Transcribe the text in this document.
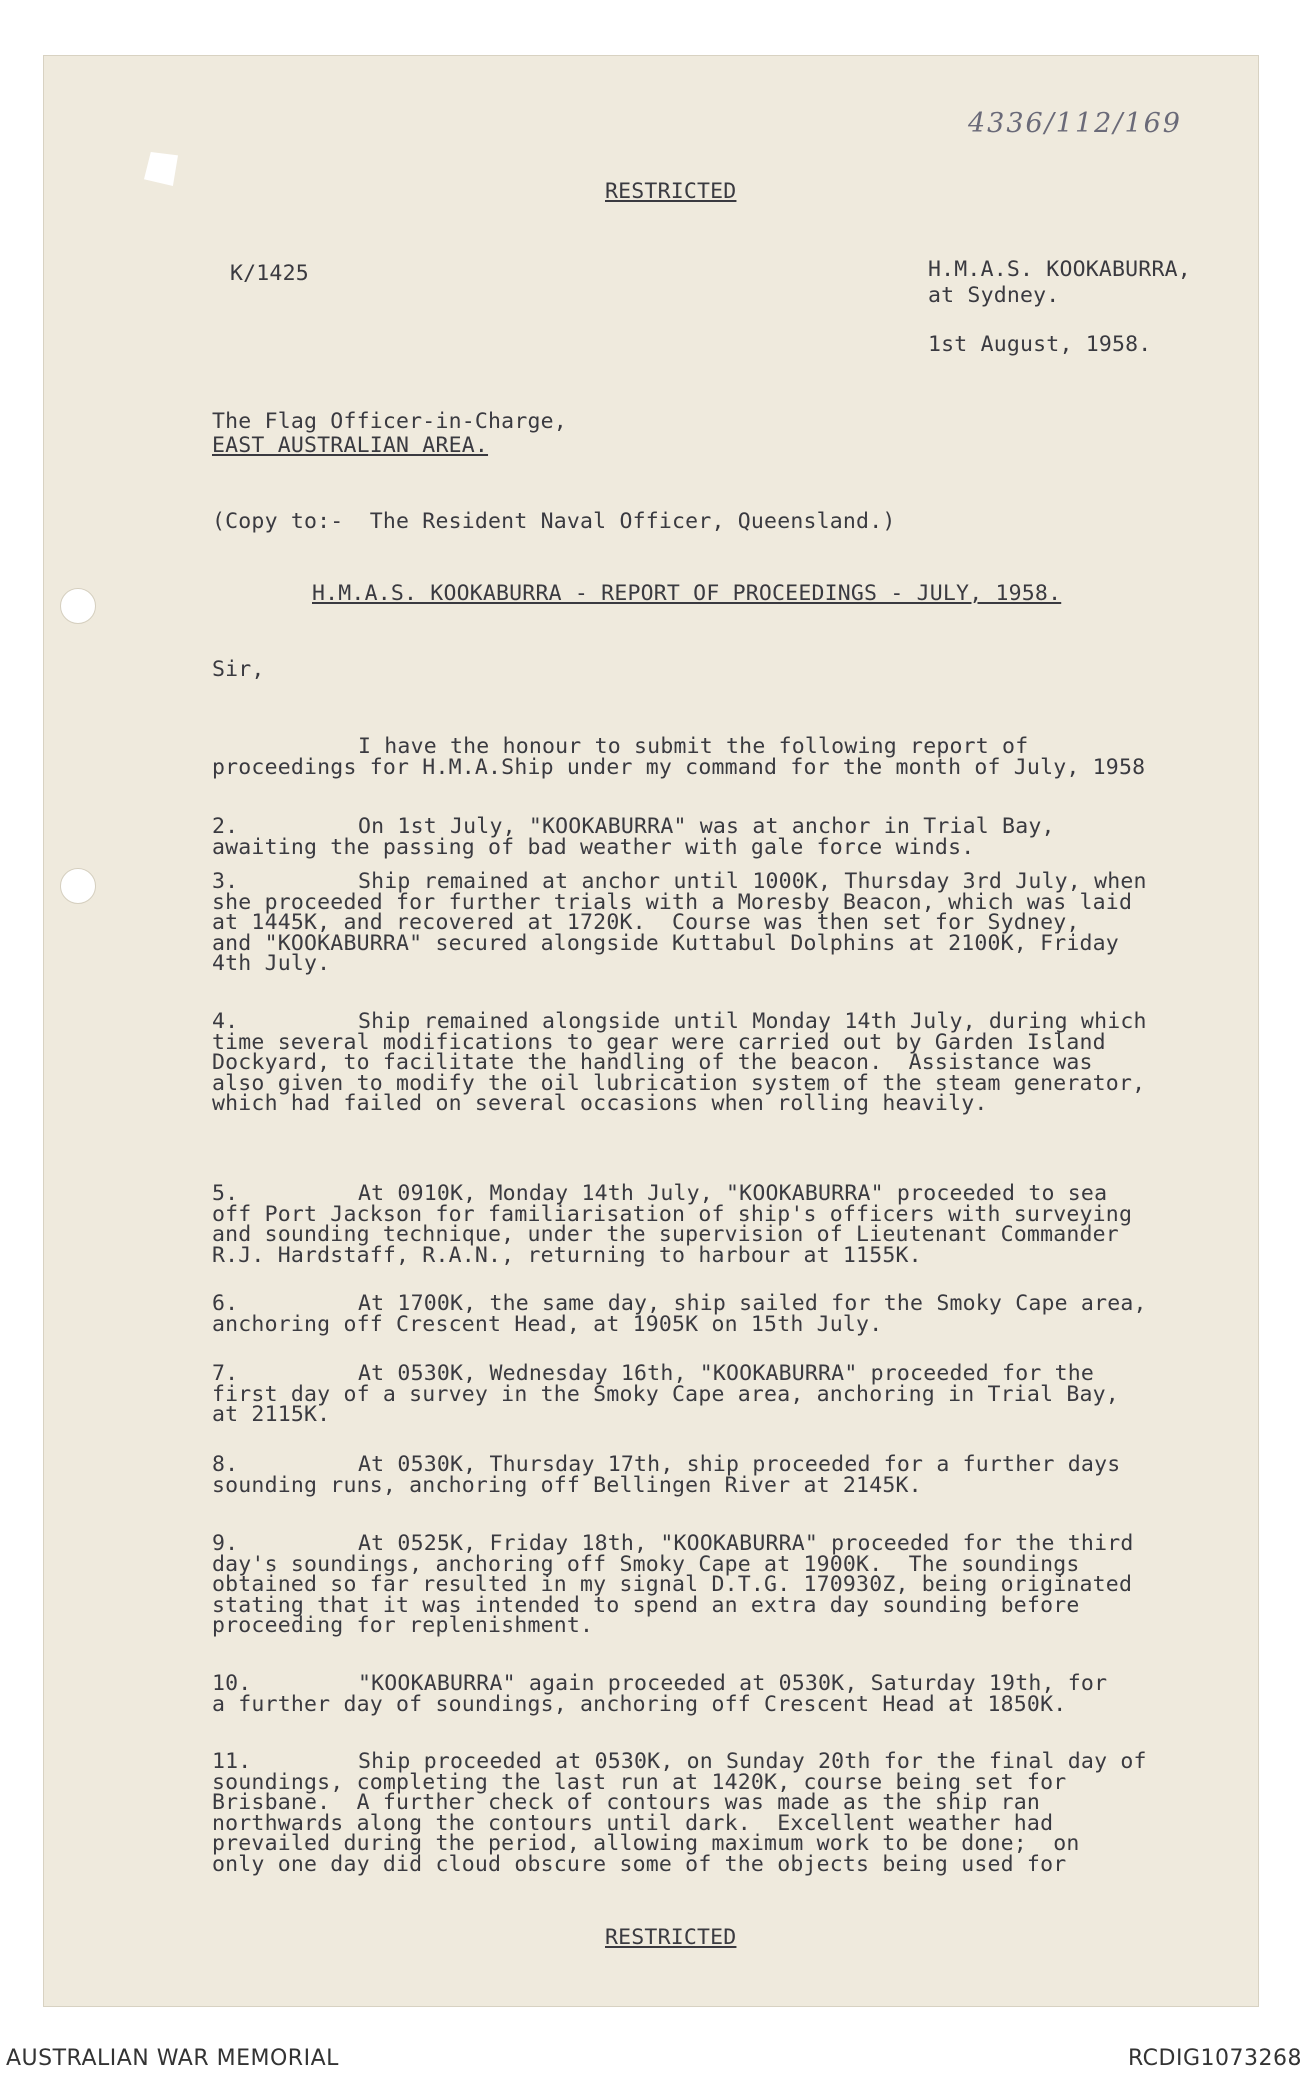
4336/112/169
RESTRICTED
K/1425	H.M.A.S. KOOKABURRA,
at Sydney.
1st August, 1958.
The Flag Officer-in-Charge,
EAST AUSTRALIAN AREA.
(Copy to:-  The Resident Naval Officer, Queensland.)
H.M.A.S. KOOKABURRA - REPORT OF PROCEEDINGS - JULY, 1958.
Sir,
I have the honour to submit the following report of
proceedings for H.M.A.Ship under my command for the month of July, 1958
2.	On 1st July, "KOOKABURRA" was at anchor in Trial Bay,
awaiting the passing of bad weather with gale force winds.
3.	Ship remained at anchor until 1000K, Thursday 3rd July, when
she proceeded for further trials with a Moresby Beacon, which was laid
at 1445K, and recovered at 1720K.  Course was then set for Sydney,
and "KOOKABURRA" secured alongside Kuttabul Dolphins at 2100K, Friday
4th July.
4.	Ship remained alongside until Monday 14th July, during which
time several modifications to gear were carried out by Garden Island
Dockyard, to facilitate the handling of the beacon.  Assistance was
also given to modify the oil lubrication system of the steam generator,
which had failed on several occasions when rolling heavily.
5.	At 0910K, Monday 14th July, "KOOKABURRA" proceeded to sea
off Port Jackson for familiarisation of ship's officers with surveying
and sounding technique, under the supervision of Lieutenant Commander
R.J. Hardstaff, R.A.N., returning to harbour at 1155K.
6.	At 1700K, the same day, ship sailed for the Smoky Cape area,
anchoring off Crescent Head, at 1905K on 15th July.
7.	At 0530K, Wednesday 16th, "KOOKABURRA" proceeded for the
first day of a survey in the Smoky Cape area, anchoring in Trial Bay,
at 2115K.
8.	At 0530K, Thursday 17th, ship proceeded for a further days
sounding runs, anchoring off Bellingen River at 2145K.
9.	At 0525K, Friday 18th, "KOOKABURRA" proceeded for the third
day's soundings, anchoring off Smoky Cape at 1900K.  The soundings
obtained so far resulted in my signal D.T.G. 170930Z, being originated
stating that it was intended to spend an extra day sounding before
proceeding for replenishment.
10.	"KOOKABURRA" again proceeded at 0530K, Saturday 19th, for
a further day of soundings, anchoring off Crescent Head at 1850K.
11.	Ship proceeded at 0530K, on Sunday 20th for the final day of
soundings, completing the last run at 1420K, course being set for
Brisbane.  A further check of contours was made as the ship ran
northwards along the contours until dark.  Excellent weather had
prevailed during the period, allowing maximum work to be done;  on
only one day did cloud obscure some of the objects being used for
RESTRICTED
AUSTRALIAN WAR MEMORIAL	RCDIG1073268
